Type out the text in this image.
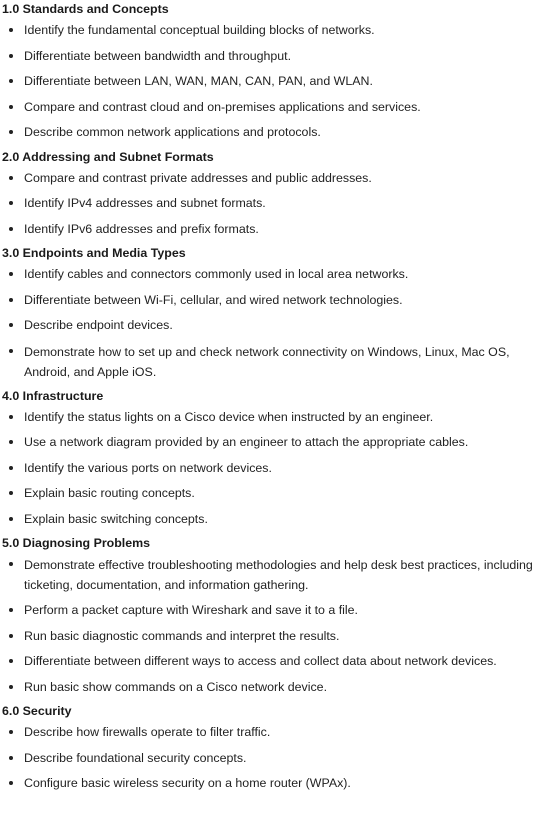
1.0 Standards and Concepts
Identify the fundamental conceptual building blocks of networks.
Differentiate between bandwidth and throughput.
Differentiate between LAN, WAN, MAN, CAN, PAN, and WLAN.
Compare and contrast cloud and on-premises applications and services.
Describe common network applications and protocols.
2.0 Addressing and Subnet Formats
Compare and contrast private addresses and public addresses.
Identify IPv4 addresses and subnet formats.
Identify IPv6 addresses and prefix formats.
3.0 Endpoints and Media Types
Identify cables and connectors commonly used in local area networks.
Differentiate between Wi-Fi, cellular, and wired network technologies.
Describe endpoint devices.
Demonstrate how to set up and check network connectivity on Windows, Linux, Mac OS, Android, and Apple iOS.
4.0 Infrastructure
Identify the status lights on a Cisco device when instructed by an engineer.
Use a network diagram provided by an engineer to attach the appropriate cables.
Identify the various ports on network devices.
Explain basic routing concepts.
Explain basic switching concepts.
5.0 Diagnosing Problems
Demonstrate effective troubleshooting methodologies and help desk best practices, including ticketing, documentation, and information gathering.
Perform a packet capture with Wireshark and save it to a file.
Run basic diagnostic commands and interpret the results.
Differentiate between different ways to access and collect data about network devices.
Run basic show commands on a Cisco network device.
6.0 Security
Describe how firewalls operate to filter traffic.
Describe foundational security concepts.
Configure basic wireless security on a home router (WPAx).
